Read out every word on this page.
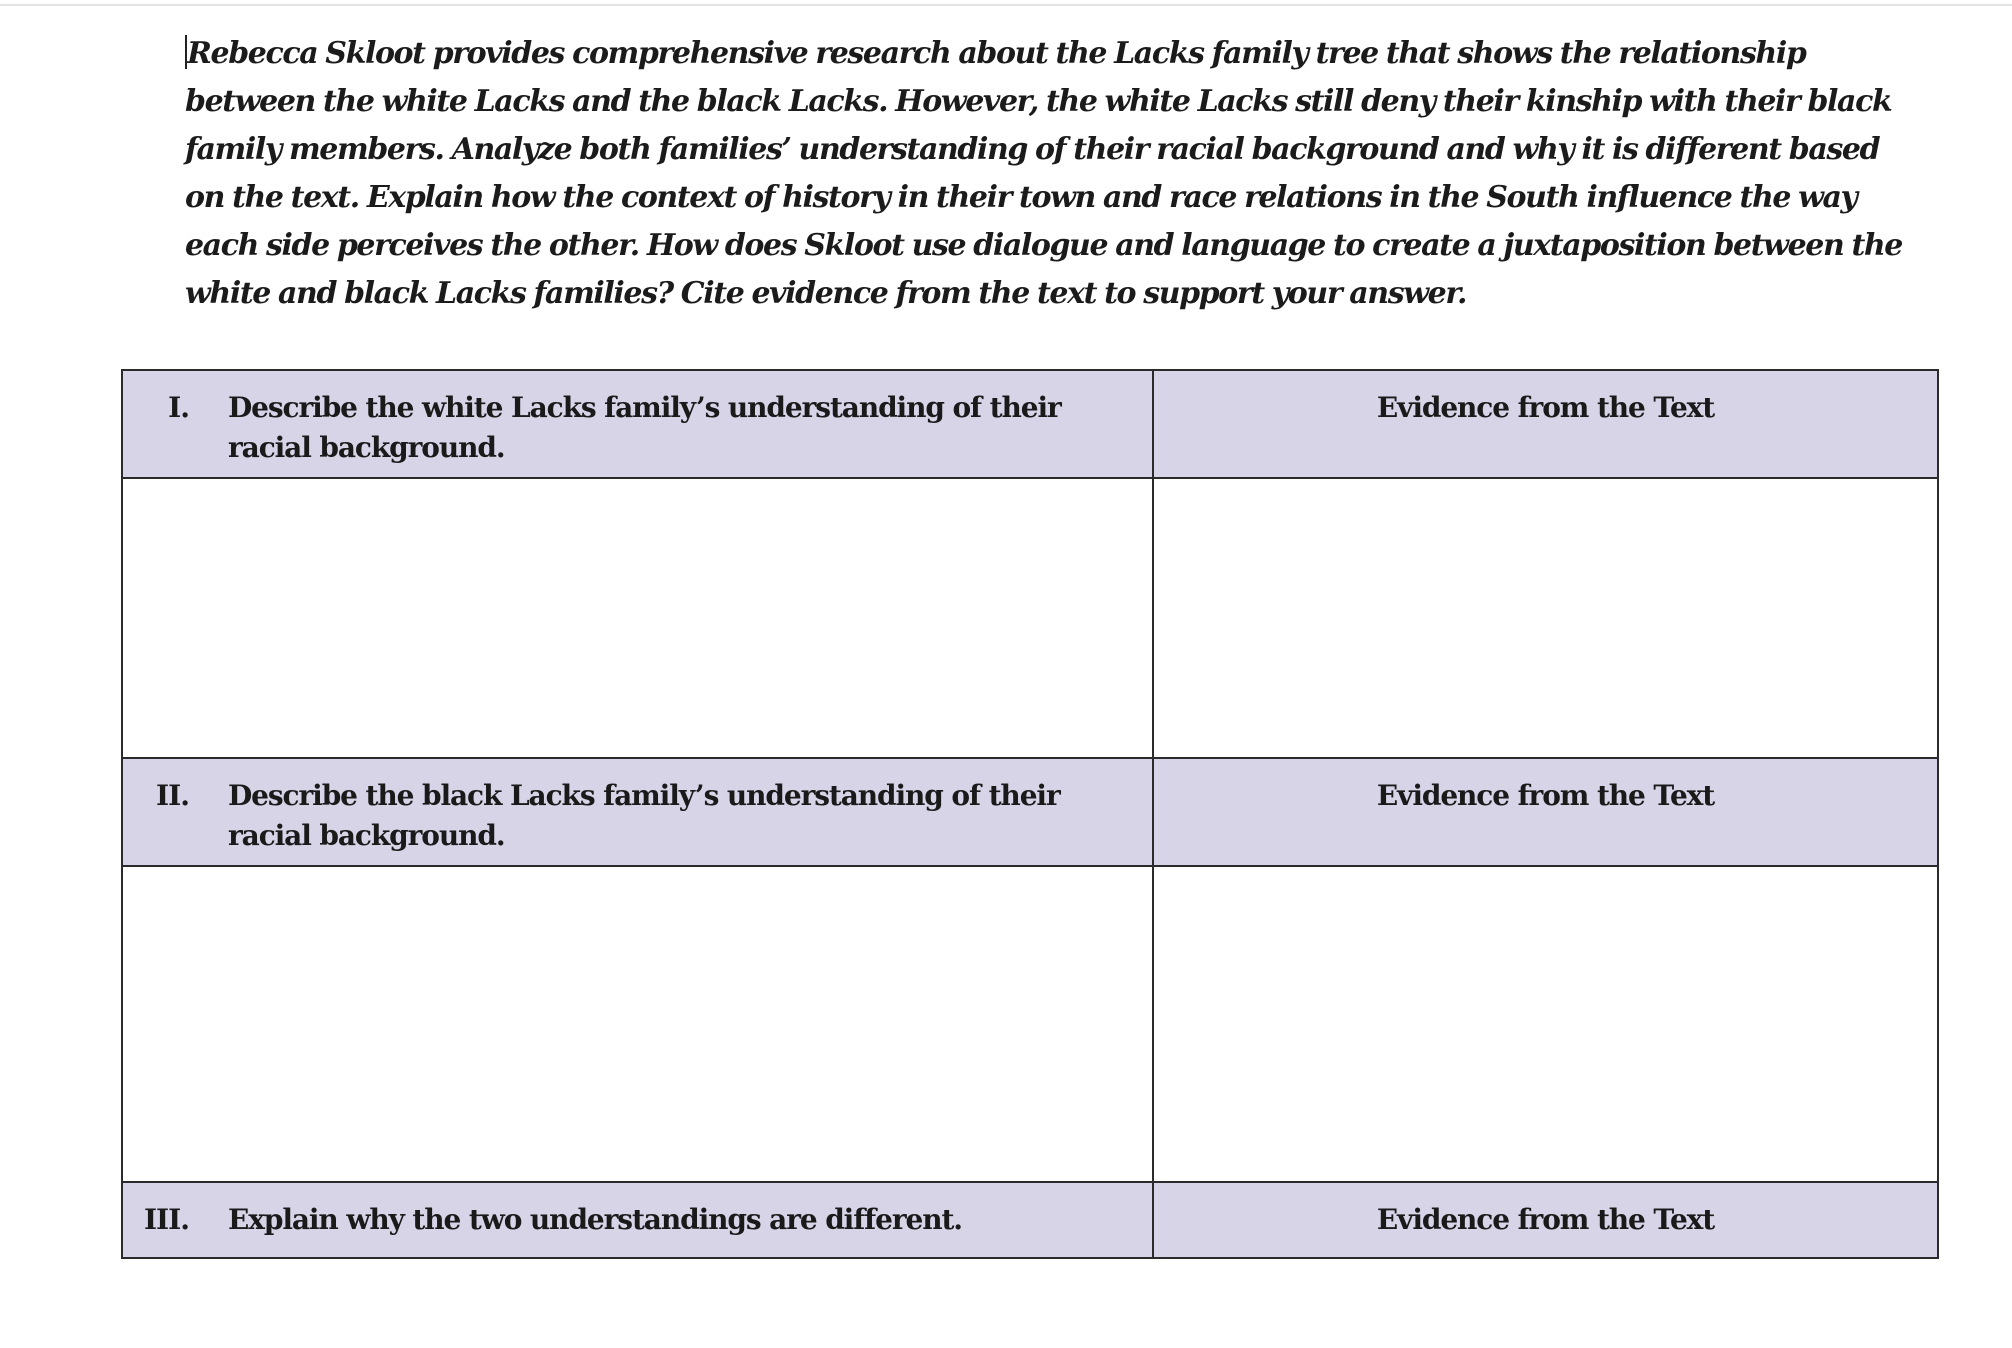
Rebecca Skloot provides comprehensive research about the Lacks family tree that shows the relationship between the white Lacks and the black Lacks. However, the white Lacks still deny their kinship with their black family members. Analyze both families’ understanding of their racial background and why it is different based on the text. Explain how the context of history in their town and race relations in the South influence the way each side perceives the other. How does Skloot use dialogue and language to create a juxtaposition between the white and black Lacks families? Cite evidence from the text to support your answer.

I. Describe the white Lacks family’s understanding of their racial background.	Evidence from the Text

II. Describe the black Lacks family’s understanding of their racial background.	Evidence from the Text

III. Explain why the two understandings are different.	Evidence from the Text
